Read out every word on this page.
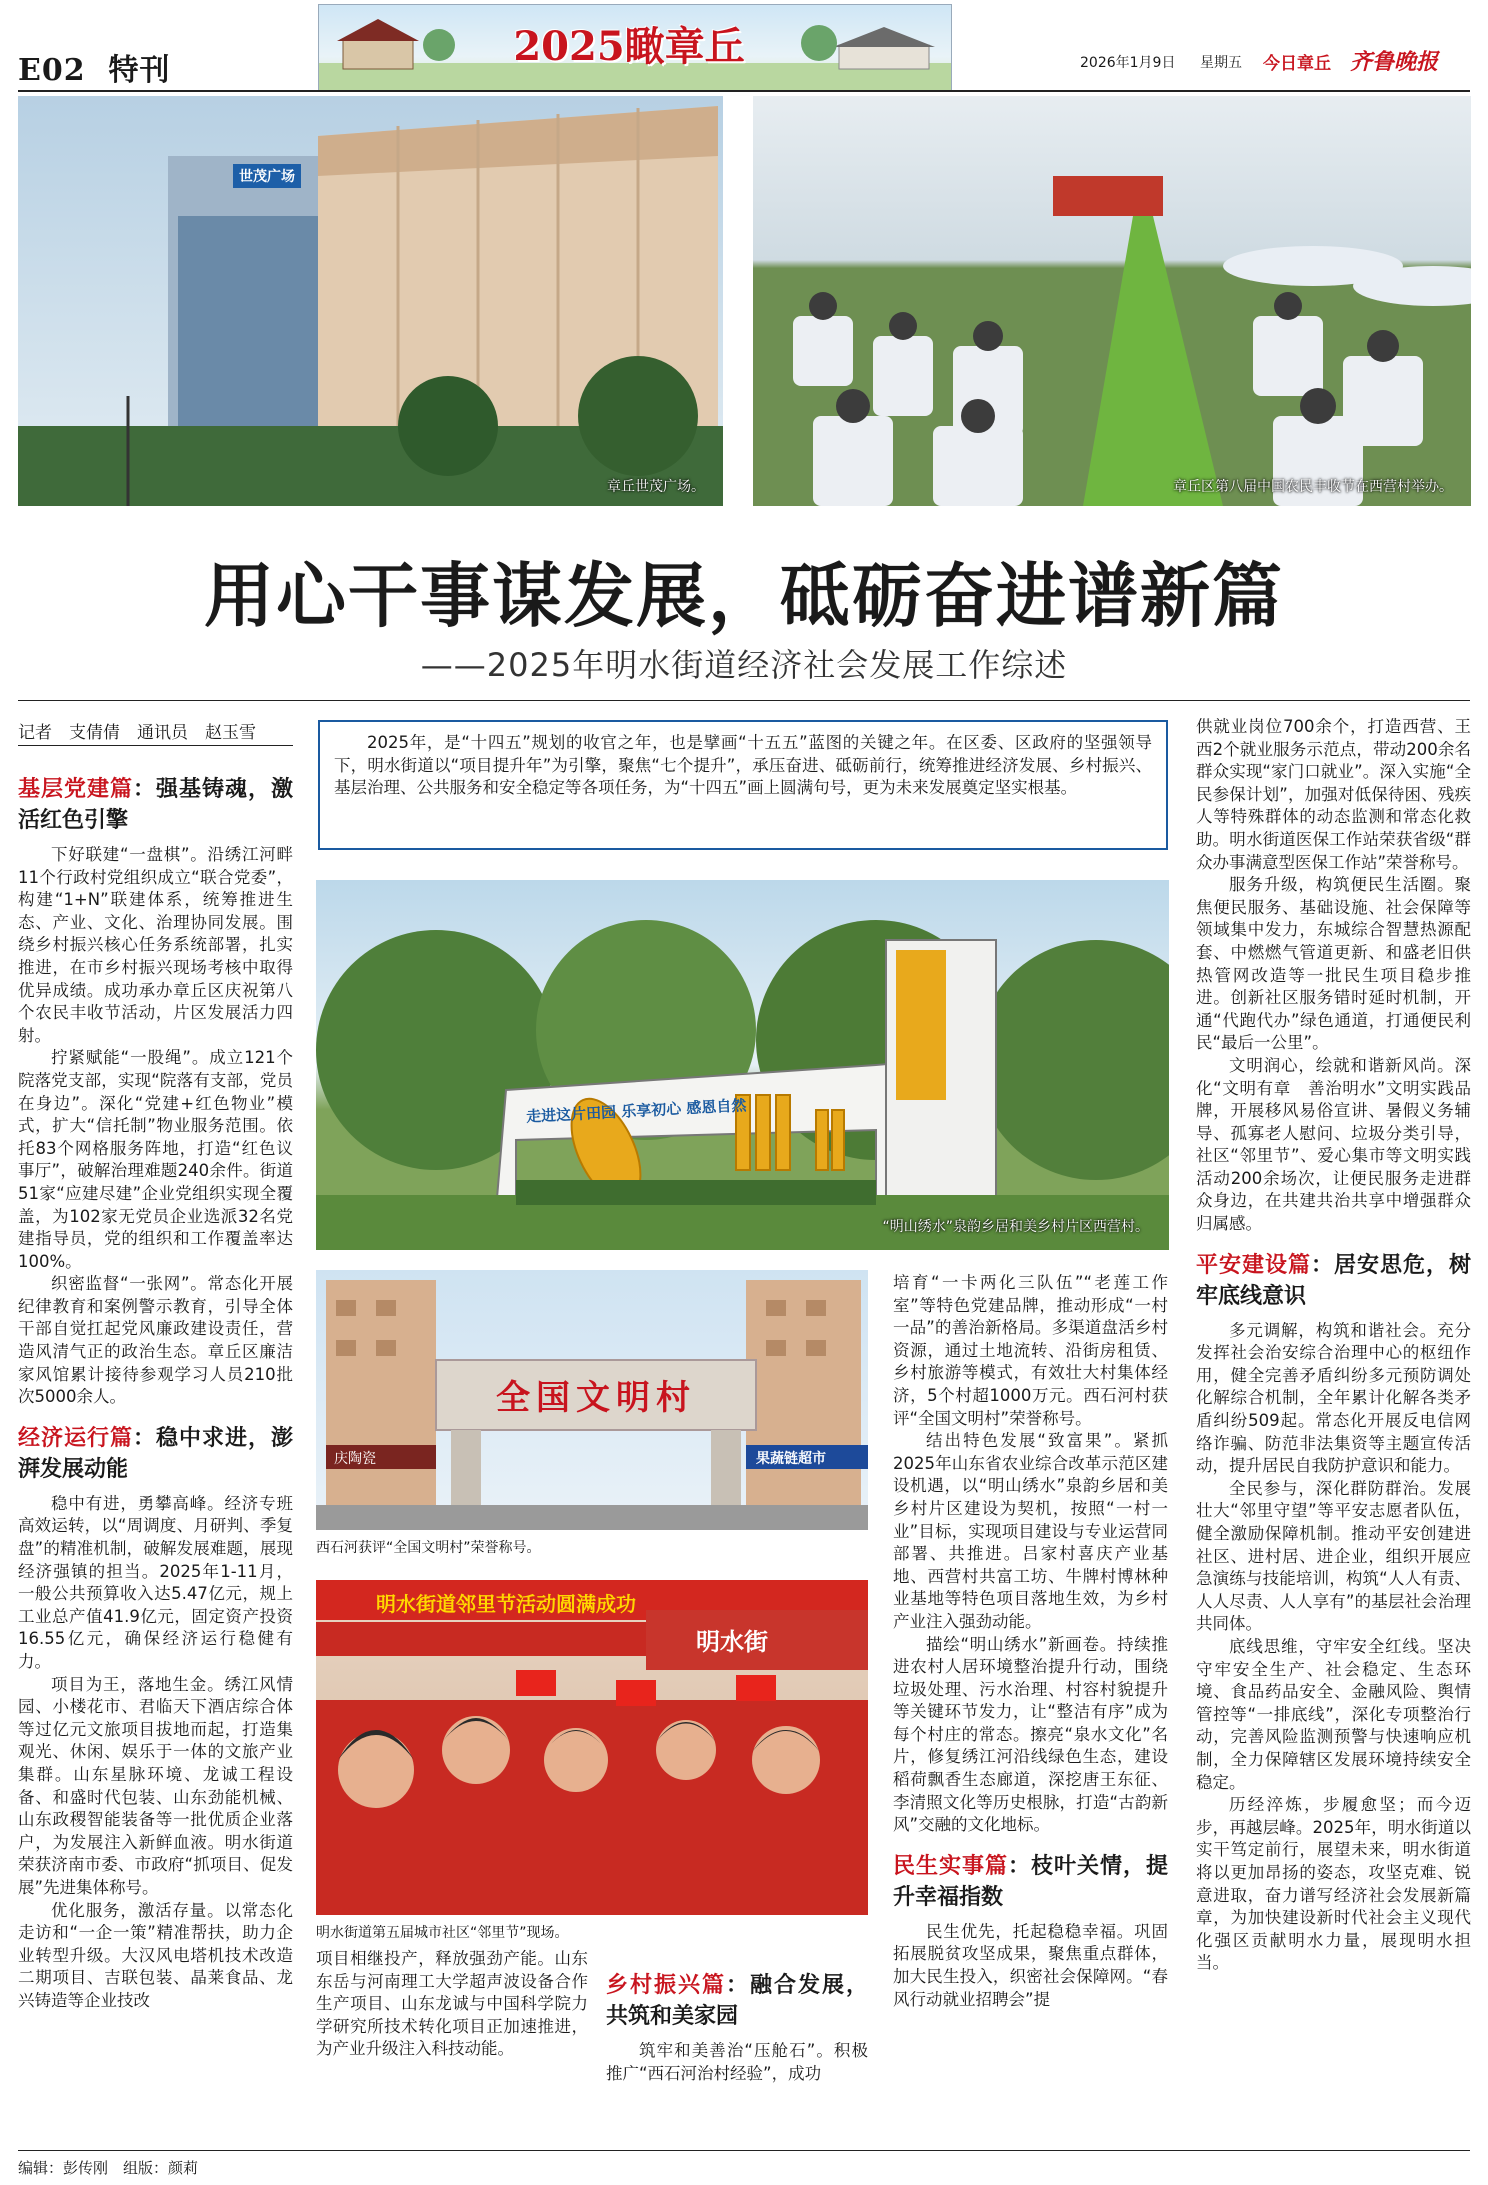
E02 特刊
2025瞰章丘	2026年1月9日 星期五 今日章丘 齐鲁晚报
世茂广场
章丘世茂广场。	章丘区第八届中国农民丰收节在西营村举办。
用心干事谋发展，砥砺奋进谱新篇
——2025年明水街道经济社会发展工作综述
记者　支倩倩　通讯员　赵玉雪	2025年，是“十四五”规划的收官之年，也是擘画“十五五”蓝图的关键之年。在区委、区政府的坚强领导下，明水街道以“项目提升年”为引擎，聚焦“七个提升”，承压奋进、砥砺前行，统筹推进经济发展、乡村振兴、基层治理、公共服务和安全稳定等各项任务，为“十四五”画上圆满句号，更为未来发展奠定坚实根基。

基层党建篇：强基铸魂，激活红色引擎

下好联建“一盘棋”。沿绣江河畔11个行政村党组织成立“联合党委”，构建“1+N”联建体系，统筹推进生态、产业、文化、治理协同发展。围绕乡村振兴核心任务系统部署，扎实推进，在市乡村振兴现场考核中取得优异成绩。成功承办章丘区庆祝第八个农民丰收节活动，片区发展活力四射。

拧紧赋能“一股绳”。成立121个院落党支部，实现“院落有支部，党员在身边”。深化“党建+红色物业”模式，扩大“信托制”物业服务范围。依托83个网格服务阵地，打造“红色议事厅”，破解治理难题240余件。街道51家“应建尽建”企业党组织实现全覆盖，为102家无党员企业选派32名党建指导员，党的组织和工作覆盖率达100%。

织密监督“一张网”。常态化开展纪律教育和案例警示教育，引导全体干部自觉扛起党风廉政建设责任，营造风清气正的政治生态。章丘区廉洁家风馆累计接待参观学习人员210批次5000余人。

经济运行篇：稳中求进，澎湃发展动能

稳中有进，勇攀高峰。经济专班高效运转，以“周调度、月研判、季复盘”的精准机制，破解发展难题，展现经济强镇的担当。2025年1-11月，一般公共预算收入达5.47亿元，规上工业总产值41.9亿元，固定资产投资16.55亿元，确保经济运行稳健有力。

项目为王，落地生金。绣江风情园、小楼花市、君临天下酒店综合体等过亿元文旅项目拔地而起，打造集观光、休闲、娱乐于一体的文旅产业集群。山东星脉环境、龙诚工程设备、和盛时代包装、山东劲能机械、山东政稷智能装备等一批优质企业落户，为发展注入新鲜血液。明水街道荣获济南市委、市政府“抓项目、促发展”先进集体称号。

优化服务，激活存量。以常态化走访和“一企一策”精准帮扶，助力企业转型升级。大汉风电塔机技术改造二期项目、吉联包装、晶莱食品、龙兴铸造等企业技改

走进这片田园 乐享初心 感恩自然
“明山绣水”泉韵乡居和美乡村片区西营村。
全国文明村
庆陶瓷	果蔬链超市
西石河获评“全国文明村”荣誉称号。
明水街道邻里节活动圆满成功
明水街
明水街道第五届城市社区“邻里节”现场。

项目相继投产，释放强劲产能。山东东岳与河南理工大学超声波设备合作生产项目、山东龙诚与中国科学院力学研究所技术转化项目正加速推进，为产业升级注入科技动能。

乡村振兴篇：融合发展，共筑和美家园

筑牢和美善治“压舱石”。积极推广“西石河治村经验”，成功

培育“一卡两化三队伍”“老莲工作室”等特色党建品牌，推动形成“一村一品”的善治新格局。多渠道盘活乡村资源，通过土地流转、沿街房租赁、乡村旅游等模式，有效壮大村集体经济，5个村超1000万元。西石河村获评“全国文明村”荣誉称号。

结出特色发展“致富果”。紧抓2025年山东省农业综合改革示范区建设机遇，以“明山绣水”泉韵乡居和美乡村片区建设为契机，按照“一村一业”目标，实现项目建设与专业运营同部署、共推进。吕家村喜庆产业基地、西营村共富工坊、牛牌村博林种业基地等特色项目落地生效，为乡村产业注入强劲动能。

描绘“明山绣水”新画卷。持续推进农村人居环境整治提升行动，围绕垃圾处理、污水治理、村容村貌提升等关键环节发力，让“整洁有序”成为每个村庄的常态。擦亮“泉水文化”名片，修复绣江河沿线绿色生态，建设稻荷飘香生态廊道，深挖唐王东征、李清照文化等历史根脉，打造“古韵新风”交融的文化地标。

民生实事篇：枝叶关情，提升幸福指数

民生优先，托起稳稳幸福。巩固拓展脱贫攻坚成果，聚焦重点群体，加大民生投入，织密社会保障网。“春风行动就业招聘会”提

供就业岗位700余个，打造西营、王西2个就业服务示范点，带动200余名群众实现“家门口就业”。深入实施“全民参保计划”，加强对低保待困、残疾人等特殊群体的动态监测和常态化救助。明水街道医保工作站荣获省级“群众办事满意型医保工作站”荣誉称号。

服务升级，构筑便民生活圈。聚焦便民服务、基础设施、社会保障等领域集中发力，东城综合智慧热源配套、中燃燃气管道更新、和盛老旧供热管网改造等一批民生项目稳步推进。创新社区服务错时延时机制，开通“代跑代办”绿色通道，打通便民利民“最后一公里”。

文明润心，绘就和谐新风尚。深化“文明有章　善治明水”文明实践品牌，开展移风易俗宣讲、暑假义务辅导、孤寡老人慰问、垃圾分类引导，社区“邻里节”、爱心集市等文明实践活动200余场次，让便民服务走进群众身边，在共建共治共享中增强群众归属感。

平安建设篇：居安思危，树牢底线意识

多元调解，构筑和谐社会。充分发挥社会治安综合治理中心的枢纽作用，健全完善矛盾纠纷多元预防调处化解综合机制，全年累计化解各类矛盾纠纷509起。常态化开展反电信网络诈骗、防范非法集资等主题宣传活动，提升居民自我防护意识和能力。

全民参与，深化群防群治。发展壮大“邻里守望”等平安志愿者队伍，健全激励保障机制。推动平安创建进社区、进村居、进企业，组织开展应急演练与技能培训，构筑“人人有责、人人尽责、人人享有”的基层社会治理共同体。

底线思维，守牢安全红线。坚决守牢安全生产、社会稳定、生态环境、食品药品安全、金融风险、舆情管控等“一排底线”，深化专项整治行动，完善风险监测预警与快速响应机制，全力保障辖区发展环境持续安全稳定。

历经淬炼，步履愈坚；而今迈步，再越层峰。2025年，明水街道以实干笃定前行，展望未来，明水街道将以更加昂扬的姿态，攻坚克难、锐意进取，奋力谱写经济社会发展新篇章，为加快建设新时代社会主义现代化强区贡献明水力量，展现明水担当。

编辑：彭传刚　组版：颜莉
